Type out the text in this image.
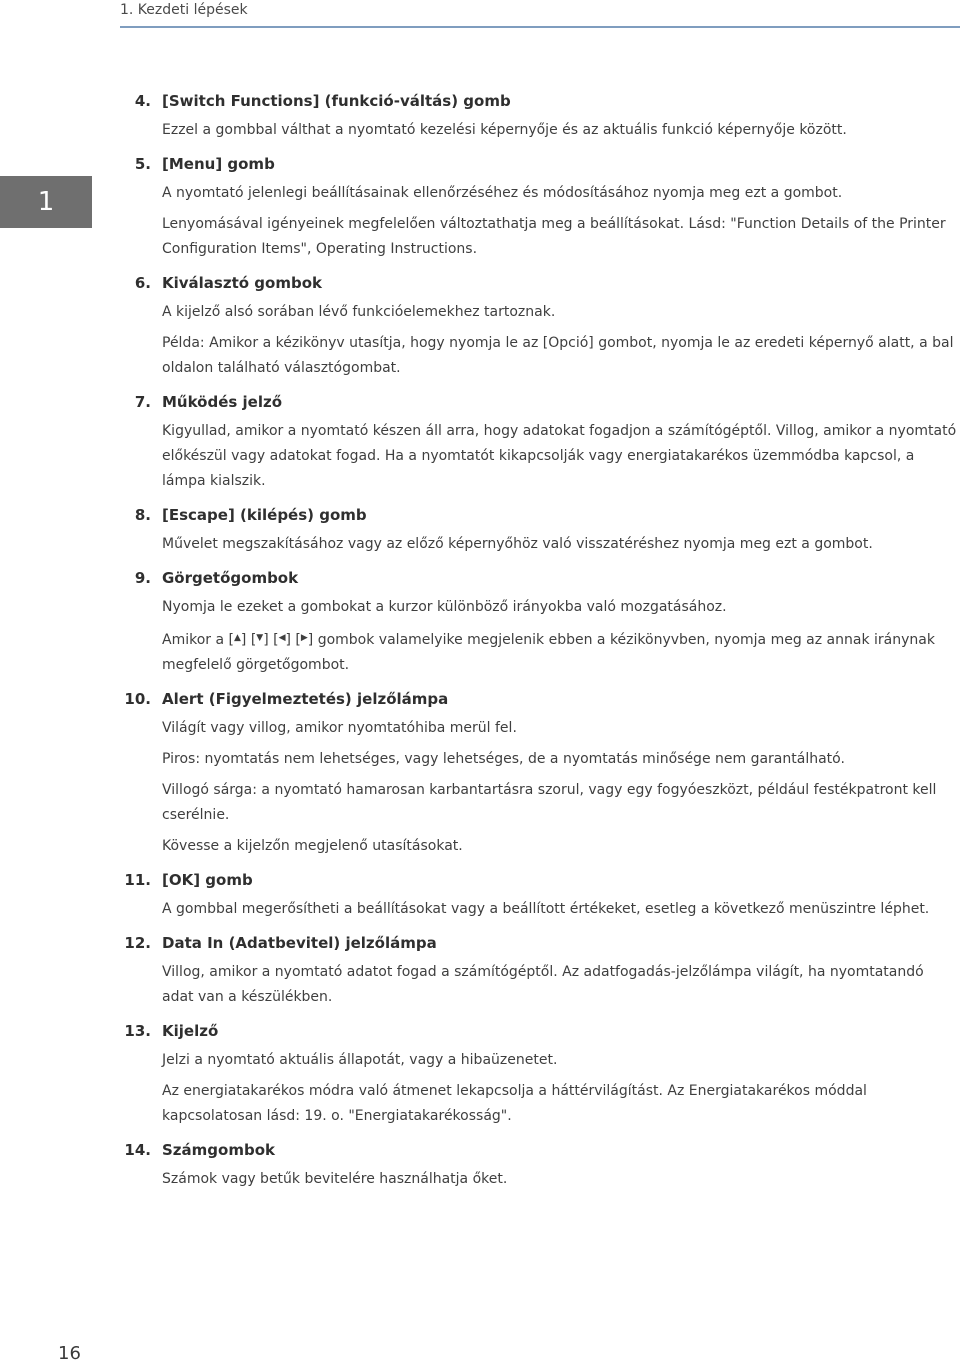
1. Kezdeti lépések
1
4. [Switch Functions] (funkció-váltás) gomb

Ezzel a gombbal válthat a nyomtató kezelési képernyője és az aktuális funkció képernyője között.

5. [Menu] gomb

A nyomtató jelenlegi beállításainak ellenőrzéséhez és módosításához nyomja meg ezt a gombot.

Lenyomásával igényeinek megfelelően változtathatja meg a beállításokat. Lásd: "Function Details of the Printer Configuration Items", Operating Instructions.

6. Kiválasztó gombok

A kijelző alsó sorában lévő funkcióelemekhez tartoznak.

Példa: Amikor a kézikönyv utasítja, hogy nyomja le az [Opció] gombot, nyomja le az eredeti képernyő alatt, a bal oldalon található választógombat.

7. Működés jelző

Kigyullad, amikor a nyomtató készen áll arra, hogy adatokat fogadjon a számítógéptől. Villog, amikor a nyomtató előkészül vagy adatokat fogad. Ha a nyomtatót kikapcsolják vagy energiatakarékos üzemmódba kapcsol, a lámpa kialszik.

8. [Escape] (kilépés) gomb

Művelet megszakításához vagy az előző képernyőhöz való visszatéréshez nyomja meg ezt a gombot.

9. Görgetőgombok

Nyomja le ezeket a gombokat a kurzor különböző irányokba való mozgatásához.

Amikor a [▲] [▼] [◀] [▶] gombok valamelyike megjelenik ebben a kézikönyvben, nyomja meg az annak iránynak megfelelő görgetőgombot.

10. Alert (Figyelmeztetés) jelzőlámpa

Világít vagy villog, amikor nyomtatóhiba merül fel.

Piros: nyomtatás nem lehetséges, vagy lehetséges, de a nyomtatás minősége nem garantálható.

Villogó sárga: a nyomtató hamarosan karbantartásra szorul, vagy egy fogyóeszközt, például festékpatront kell cserélnie.

Kövesse a kijelzőn megjelenő utasításokat.

11. [OK] gomb

A gombbal megerősítheti a beállításokat vagy a beállított értékeket, esetleg a következő menüszintre léphet.

12. Data In (Adatbevitel) jelzőlámpa

Villog, amikor a nyomtató adatot fogad a számítógéptől. Az adatfogadás-jelzőlámpa világít, ha nyomtatandó adat van a készülékben.

13. Kijelző

Jelzi a nyomtató aktuális állapotát, vagy a hibaüzenetet.

Az energiatakarékos módra való átmenet lekapcsolja a háttérvilágítást. Az Energiatakarékos móddal kapcsolatosan lásd: 19. o. "Energiatakarékosság".

14. Számgombok

Számok vagy betűk bevitelére használhatja őket.

16
